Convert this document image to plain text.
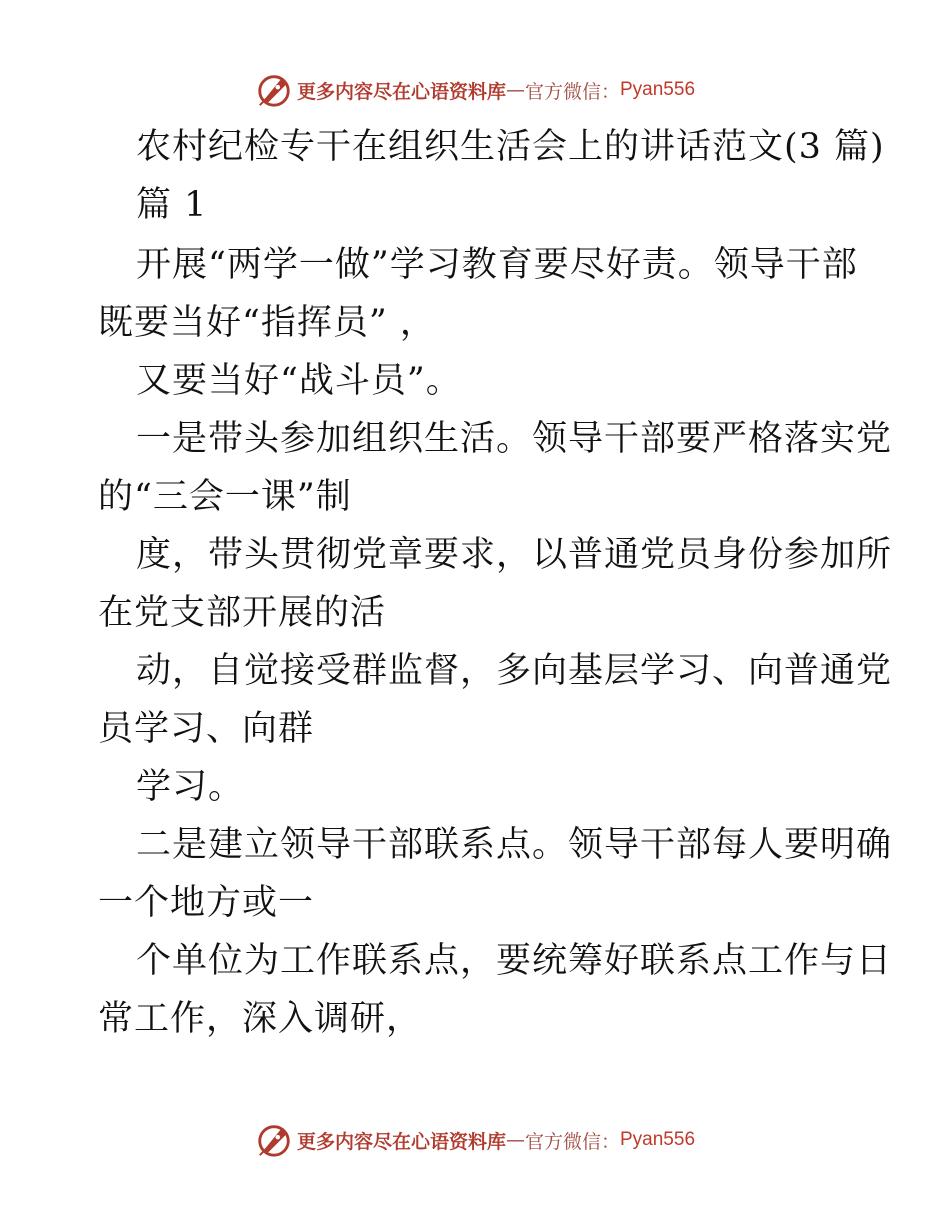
更多内容尽在心语资料库 — 官方微信： Pyan556
农村纪检专干在组织生活会上的讲话范文(3 篇)
篇 1
开展“两学一做”学习教育要尽好责。领导干部
既要当好“指挥员” ，
又要当好“战斗员”。
一是带头参加组织生活。领导干部要严格落实党
的“三会一课”制
度，带头贯彻党章要求，以普通党员身份参加所
在党支部开展的活
动，自觉接受群监督，多向基层学习、向普通党
员学习、向群
学习。
二是建立领导干部联系点。领导干部每人要明确
一个地方或一
个单位为工作联系点，要统筹好联系点工作与日
常工作，深入调研，
更多内容尽在心语资料库 — 官方微信： Pyan556
